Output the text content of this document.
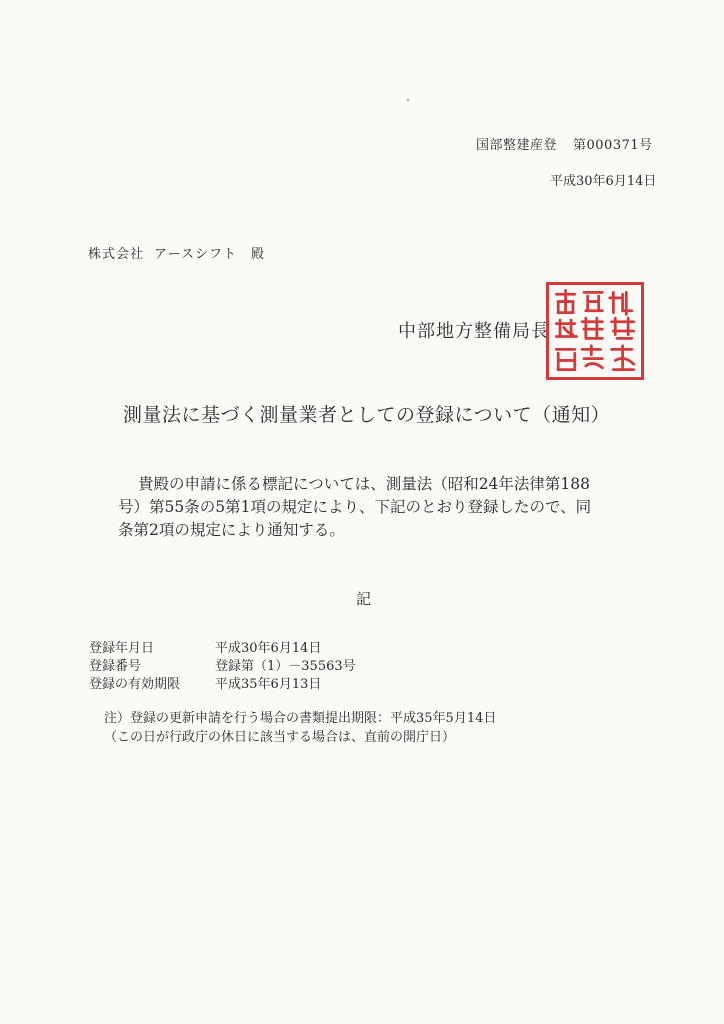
国部整建産登 第000371号
平成30年6月14日
株式会社 アースシフト　殿
中部地方整備局長
測量法に基づく測量業者としての登録について（通知）
貴殿の申請に係る標記については、測量法（昭和24年法律第188号）第55条の5第1項の規定により、下記のとおり登録したので、同条第2項の規定により通知する。
記
登録年月日	平成30年6月14日
登録番号	登録第（1）－35563号
登録の有効期限	平成35年6月13日
注）登録の更新申請を行う場合の書類提出期限：平成35年5月14日
（この日が行政庁の休日に該当する場合は、直前の開庁日）
